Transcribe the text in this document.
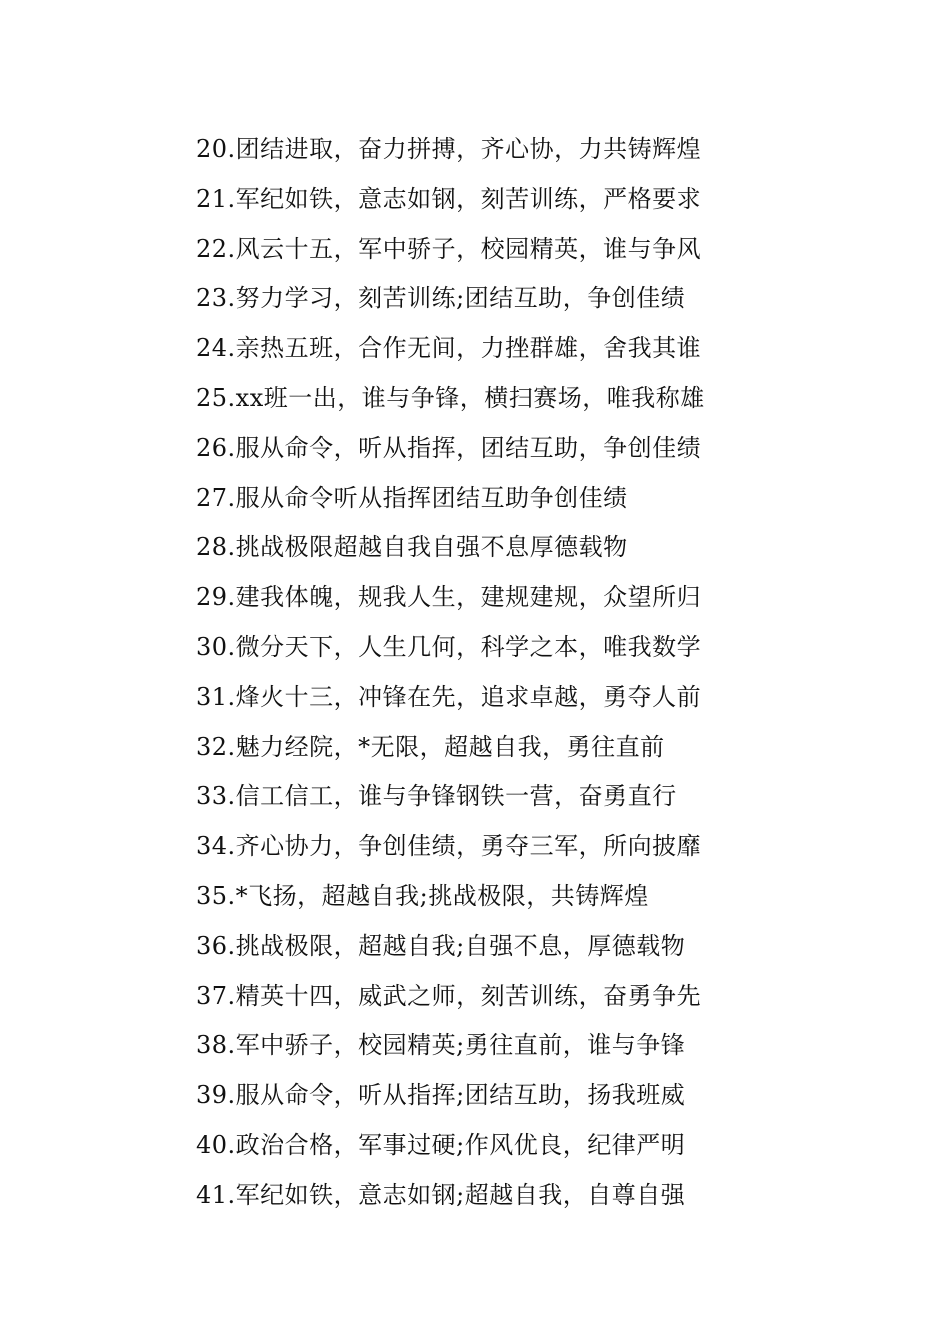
20.团结进取，奋力拼搏，齐心协，力共铸辉煌
21.军纪如铁，意志如钢，刻苦训练，严格要求
22.风云十五，军中骄子，校园精英，谁与争风
23.努力学习，刻苦训练;团结互助，争创佳绩
24.亲热五班，合作无间，力挫群雄，舍我其谁
25.xx班一出，谁与争锋，横扫赛场，唯我称雄
26.服从命令，听从指挥，团结互助，争创佳绩
27.服从命令听从指挥团结互助争创佳绩
28.挑战极限超越自我自强不息厚德载物
29.建我体魄，规我人生，建规建规，众望所归
30.微分天下，人生几何，科学之本，唯我数学
31.烽火十三，冲锋在先，追求卓越，勇夺人前
32.魅力经院，*无限，超越自我，勇往直前
33.信工信工，谁与争锋钢铁一营，奋勇直行
34.齐心协力，争创佳绩，勇夺三军，所向披靡
35.*飞扬，超越自我;挑战极限，共铸辉煌
36.挑战极限，超越自我;自强不息，厚德载物
37.精英十四，威武之师，刻苦训练，奋勇争先
38.军中骄子，校园精英;勇往直前，谁与争锋
39.服从命令，听从指挥;团结互助，扬我班威
40.政治合格，军事过硬;作风优良，纪律严明
41.军纪如铁，意志如钢;超越自我，自尊自强
